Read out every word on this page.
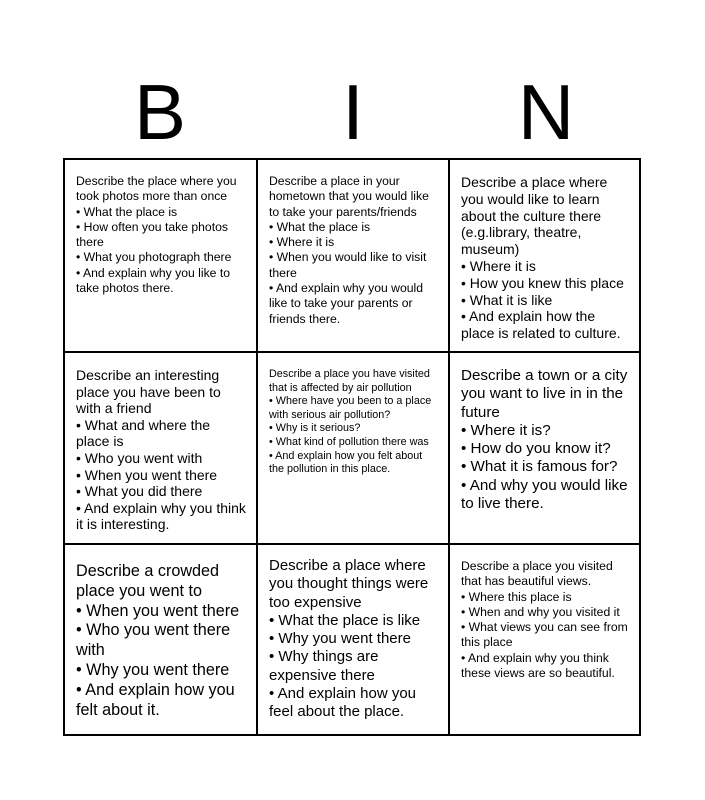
B	I	N

Describe the place where you took photos more than once
• What the place is
• How often you take photos there
• What you photograph there
• And explain why you like to take photos there.

Describe a place in your hometown that you would like to take your parents/friends
• What the place is
• Where it is
• When you would like to visit there
• And explain why you would like to take your parents or friends there.

Describe a place where you would like to learn about the culture there (e.g.library, theatre, museum)
• Where it is
• How you knew this place
• What it is like
• And explain how the place is related to culture.

Describe an interesting place you have been to with a friend
• What and where the place is
• Who you went with
• When you went there
• What you did there
• And explain why you think it is interesting.

Describe a place you have visited that is affected by air pollution
• Where have you been to a place with serious air pollution?
• Why is it serious?
• What kind of pollution there was
• And explain how you felt about the pollution in this place.

Describe a town or a city you want to live in in the future
• Where it is?
• How do you know it?
• What it is famous for?
• And why you would like to live there.

Describe a crowded place you went to
• When you went there
• Who you went there with
• Why you went there
• And explain how you felt about it.

Describe a place where you thought things were too expensive
• What the place is like
• Why you went there
• Why things are expensive there
• And explain how you feel about the place.

Describe a place you visited that has beautiful views.
• Where this place is
• When and why you visited it
• What views you can see from this place
• And explain why you think these views are so beautiful.
